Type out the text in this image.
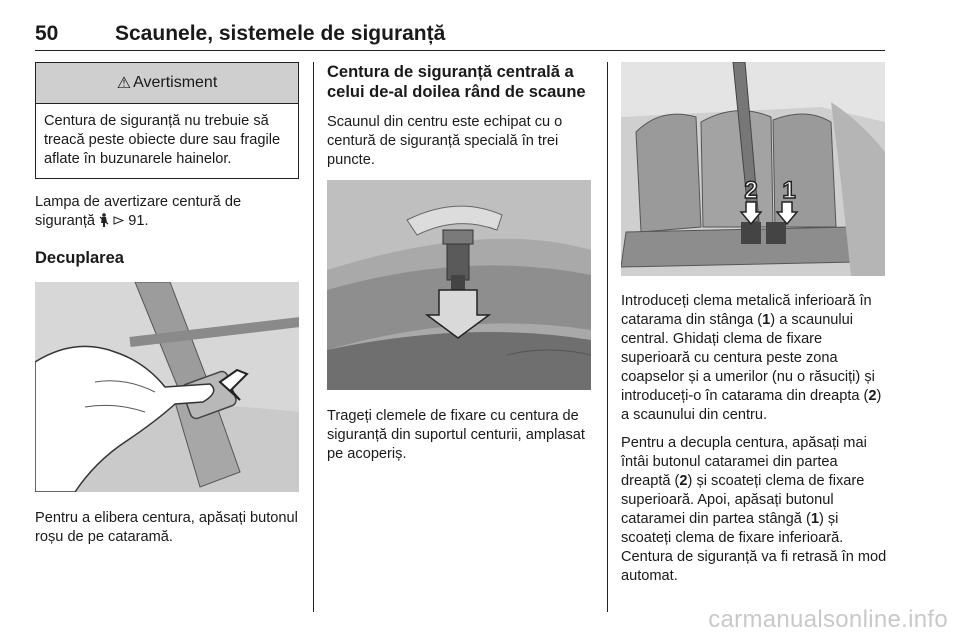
50	Scaunele, sistemele de siguranță
⚠ Avertisment
Centura de siguranță nu trebuie să treacă peste obiecte dure sau fragile aflate în buzunarele hainelor.

Lampa de avertizare centură de siguranță 91.

Decuplarea

Pentru a elibera centura, apăsați butonul roșu de pe cataramă.

Centura de siguranță centrală a celui de-al doilea rând de scaune

Scaunul din centru este echipat cu o centură de siguranță specială în trei puncte.

Trageți clemele de fixare cu centura de siguranță din suportul centurii, amplasat pe acoperiș.

2 1

Introduceți clema metalică inferioară în catarama din stânga (1) a scaunului central. Ghidați clema de fixare superioară cu centura peste zona coapselor și a umerilor (nu o răsuciți) și introduceți-o în catarama din dreapta (2) a scaunului din centru.

Pentru a decupla centura, apăsați mai întâi butonul cataramei din partea dreaptă (2) și scoateți clema de fixare superioară. Apoi, apăsați butonul cataramei din partea stângă (1) și scoateți clema de fixare inferioară. Centura de siguranță va fi retrasă în mod automat.

carmanualsonline.info
